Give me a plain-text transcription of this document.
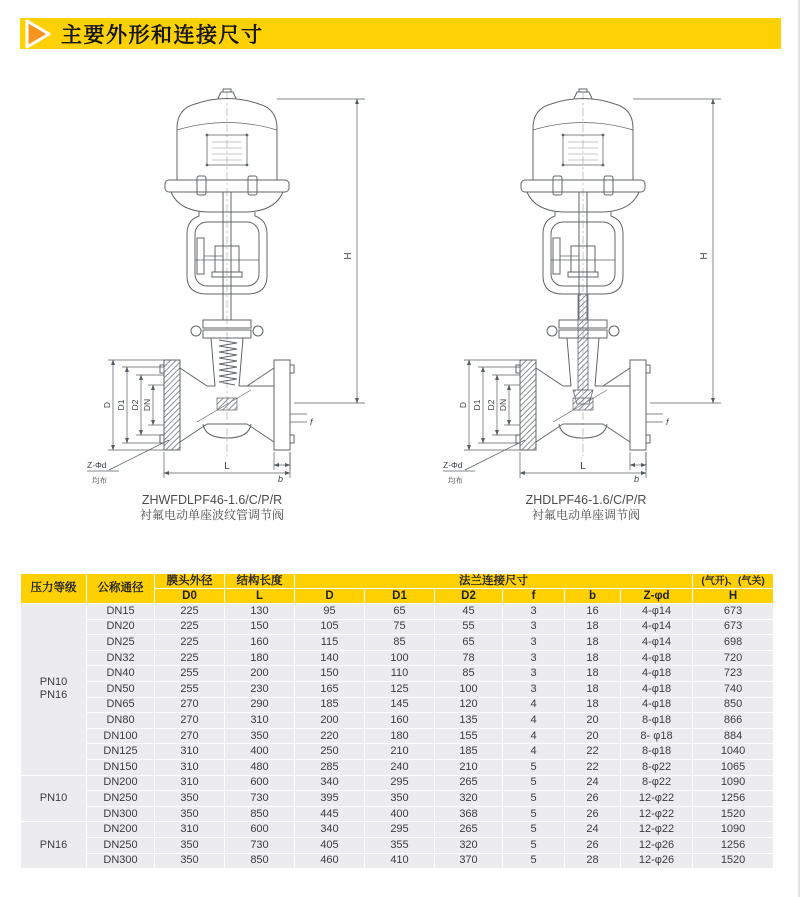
主要外形和连接尺寸
H
D D1 D2 DN
L
f
b
Z-Φd
均布
H
D D1 D2 DN
L
f
b
Z-Φd
均布
ZHWFDLPF46-1.6/C/P/R
衬氟电动单座波纹管调节阀
ZHDLPF46-1.6/C/P/R
衬氟电动单座调节阀
压力等级	公称通径	膜头外径	结构长度	法兰连接尺寸						(气开)、(气关)
		D0	L	D	D1	D2	f	b	Z-φd	H

PN10
PN16	DN15	225	130	95	65	45	3	16	4-φ14	673
	DN20	225	150	105	75	55	3	18	4-φ14	673
	DN25	225	160	115	85	65	3	18	4-φ14	698
	DN32	225	180	140	100	78	3	18	4-φ18	720
	DN40	255	200	150	110	85	3	18	4-φ18	723
	DN50	255	230	165	125	100	3	18	4-φ18	740
	DN65	270	290	185	145	120	4	18	4-φ18	850
	DN80	270	310	200	160	135	4	20	8-φ18	866
	DN100	270	350	220	180	155	4	20	8- φ18	884
	DN125	310	400	250	210	185	4	22	8-φ18	1040
	DN150	310	480	285	240	210	5	22	8-φ22	1065

PN10	DN200	310	600	340	295	265	5	24	8-φ22	1090
	DN250	350	730	395	350	320	5	26	12-φ22	1256
	DN300	350	850	445	400	368	5	26	12-φ22	1520

PN16	DN200	310	600	340	295	265	5	24	12-φ22	1090
	DN250	350	730	405	355	320	5	26	12-φ26	1256
	DN300	350	850	460	410	370	5	28	12-φ26	1520
